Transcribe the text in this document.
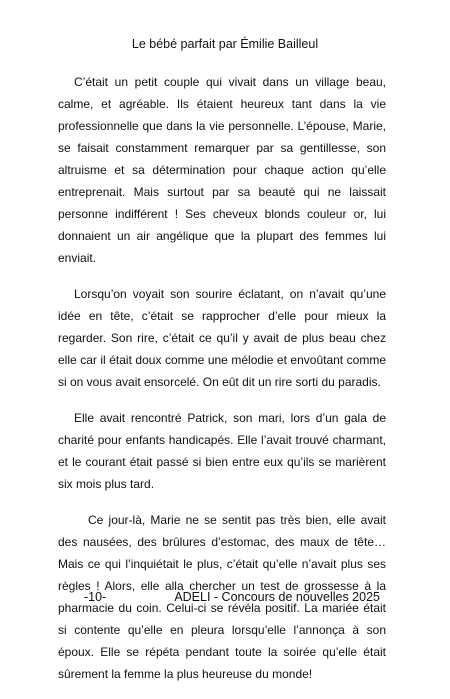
Le bébé parfait par Émilie Bailleul

C’était un petit couple qui vivait dans un village beau, calme, et agréable. Ils étaient heureux tant dans la vie professionnelle que dans la vie personnelle. L’épouse, Marie, se faisait constamment remarquer par sa gentillesse, son altruisme et sa détermination pour chaque action qu’elle entreprenait. Mais surtout par sa beauté qui ne laissait personne indifférent ! Ses cheveux blonds couleur or, lui donnaient un air angélique que la plupart des femmes lui enviait.

Lorsqu’on voyait son sourire éclatant, on n’avait qu’une idée en tête, c’était se rapprocher d’elle pour mieux la regarder. Son rire, c’était ce qu’il y avait de plus beau chez elle car il était doux comme une mélodie et envoûtant comme si on vous avait ensorcelé. On eût dit un rire sorti du paradis.

Elle avait rencontré Patrick, son mari, lors d’un gala de charité pour enfants handicapés. Elle l’avait trouvé charmant, et le courant était passé si bien entre eux qu’ils se marièrent six mois plus tard.

Ce jour-là, Marie ne se sentit pas très bien, elle avait des nausées, des brûlures d’estomac, des maux de tête… Mais ce qui l’inquiétait le plus, c’était qu’elle n’avait plus ses règles ! Alors, elle alla chercher un test de grossesse à la pharmacie du coin. Celui-ci se révéla positif. La mariée était si contente qu’elle en pleura lorsqu’elle l’annonça à son époux. Elle se répéta pendant toute la soirée qu’elle était sûrement la femme la plus heureuse du monde!

-10-	ADELI - Concours de nouvelles 2025
